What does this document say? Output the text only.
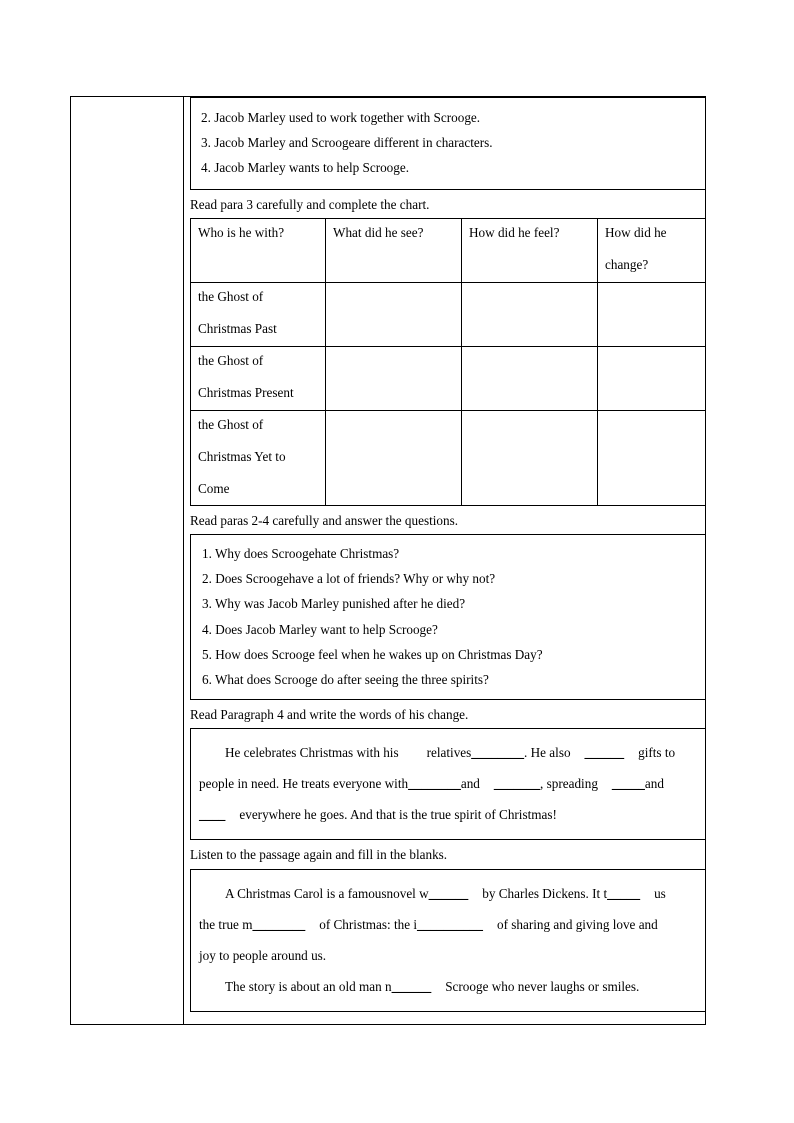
2. Jacob Marley used to work together with Scrooge.
3. Jacob Marley and Scroogeare different in characters.
4. Jacob Marley wants to help Scrooge.
Read para 3 carefully and complete the chart.
Who is he with?	What did he see?	How did he feel?	How did he
change?

the Ghost of
Christmas Past			

the Ghost of
Christmas Present			

the Ghost of
Christmas Yet to
Come			

Read paras 2-4 carefully and answer the questions.
1. Why does Scroogehate Christmas?
2. Does Scroogehave a lot of friends? Why or why not?
3. Why was Jacob Marley punished after he died?
4. Does Jacob Marley want to help Scrooge?
5. How does Scrooge feel when he wakes up on Christmas Day?
6. What does Scrooge do after seeing the three spirits?
Read Paragraph 4 and write the words of his change.

He celebrates Christmas with his relatives________. He also ______ gifts to

people in need. He treats everyone with________and _______, spreading _____and

____ everywhere he goes. And that is the true spirit of Christmas!

Listen to the passage again and fill in the blanks.

A Christmas Carol is a famousnovel w______ by Charles Dickens. It t_____ us

the true m________ of Christmas: the i__________ of sharing and giving love and

joy to people around us.

The story is about an old man n______ Scrooge who never laughs or smiles.
